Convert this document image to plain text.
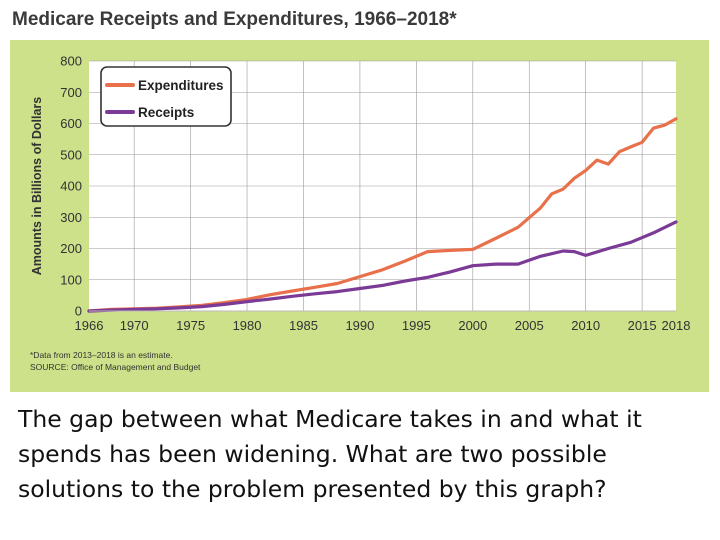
Medicare Receipts and Expenditures, 1966–2018*
0
100
200
300
400
500
600
700
800
1966 1970 1975 1980 1985 1990 1995 2000 2005 2010 2015 2018
Amounts in Billions of Dollars
Expenditures
Receipts
*Data from 2013–2018 is an estimate.
SOURCE: Office of Management and Budget
The gap between what Medicare takes in and what it spends has been widening. What are two possible solutions to the problem presented by this graph?
